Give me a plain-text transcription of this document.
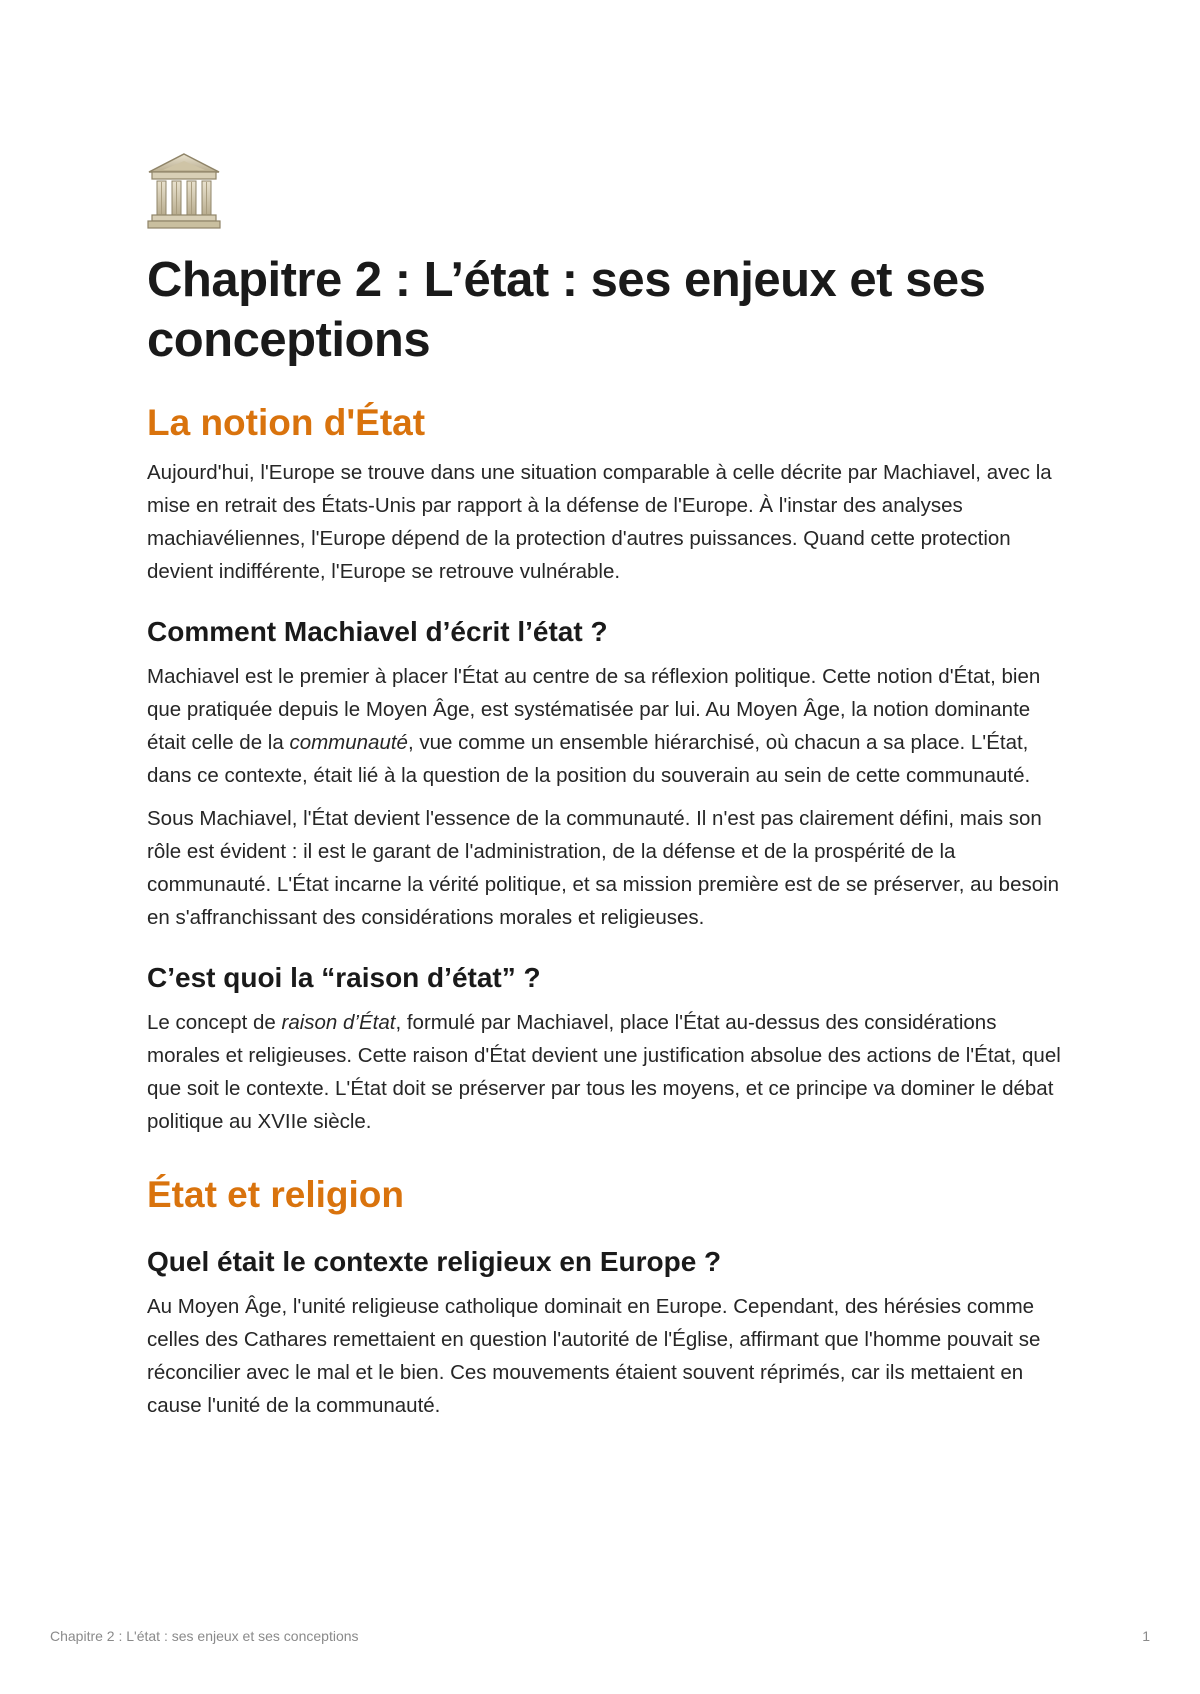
Chapitre 2 : L’état : ses enjeux et ses conceptions
La notion d'État

Aujourd'hui, l'Europe se trouve dans une situation comparable à celle décrite par Machiavel, avec la mise en retrait des États-Unis par rapport à la défense de l'Europe. À l'instar des analyses machiavéliennes, l'Europe dépend de la protection d'autres puissances. Quand cette protection devient indifférente, l'Europe se retrouve vulnérable.

Comment Machiavel d’écrit l’état ?

Machiavel est le premier à placer l'État au centre de sa réflexion politique. Cette notion d'État, bien que pratiquée depuis le Moyen Âge, est systématisée par lui. Au Moyen Âge, la notion dominante était celle de la communauté, vue comme un ensemble hiérarchisé, où chacun a sa place. L'État, dans ce contexte, était lié à la question de la position du souverain au sein de cette communauté.

Sous Machiavel, l'État devient l'essence de la communauté. Il n'est pas clairement défini, mais son rôle est évident : il est le garant de l'administration, de la défense et de la prospérité de la communauté. L'État incarne la vérité politique, et sa mission première est de se préserver, au besoin en s'affranchissant des considérations morales et religieuses.

C’est quoi la “raison d’état” ?

Le concept de raison d’État, formulé par Machiavel, place l'État au-dessus des considérations morales et religieuses. Cette raison d'État devient une justification absolue des actions de l'État, quel que soit le contexte. L'État doit se préserver par tous les moyens, et ce principe va dominer le débat politique au XVIIe siècle.

État et religion
Quel était le contexte religieux en Europe ?

Au Moyen Âge, l'unité religieuse catholique dominait en Europe. Cependant, des hérésies comme celles des Cathares remettaient en question l'autorité de l'Église, affirmant que l'homme pouvait se réconcilier avec le mal et le bien. Ces mouvements étaient souvent réprimés, car ils mettaient en cause l'unité de la communauté.

Chapitre 2 : L'état : ses enjeux et ses conceptions	1
